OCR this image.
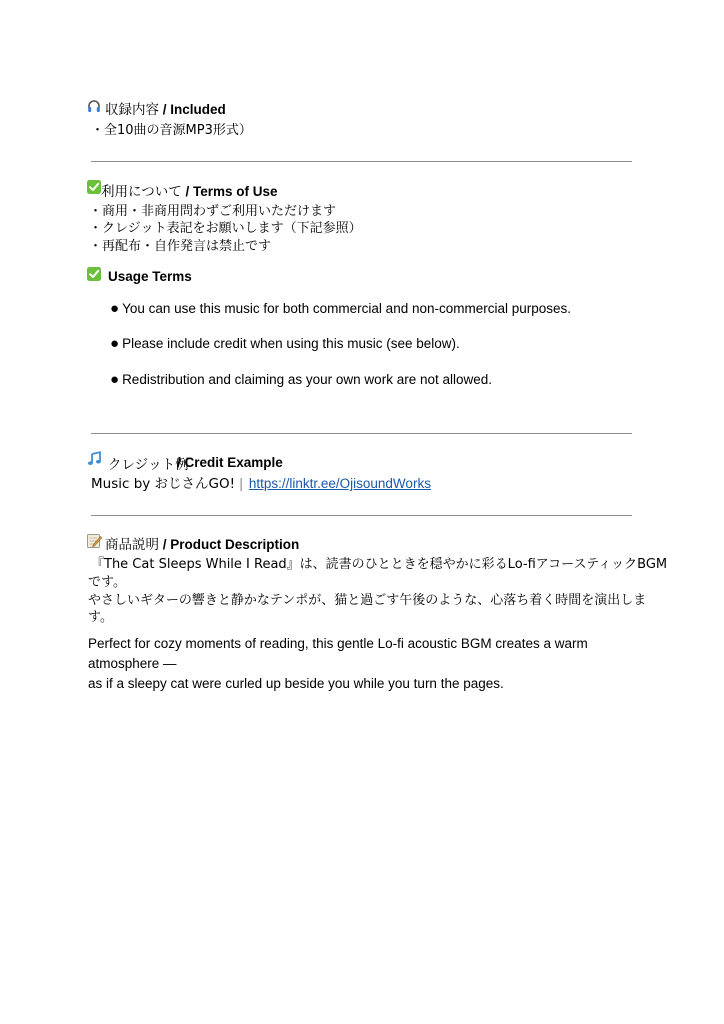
収録内容 / Included
・全10曲の音源MP3形式）
利用について / Terms of Use
・商用・非商用問わずご利用いただけます
・クレジット表記をお願いします（下記参照）
・再配布・自作発言は禁止です
Usage Terms
● You can use this music for both commercial and non-commercial purposes.
● Please include credit when using this music (see below).
● Redistribution and claiming as your own work are not allowed.
クレジット例
/ Credit Example
Music by おじさんGO! | https://linktr.ee/OjisoundWorks
商品説明 / Product Description
『The Cat Sleeps While I Read』は、読書のひとときを穏やかに彩るLo-fiアコースティックBGM
です。
やさしいギターの響きと静かなテンポが、猫と過ごす午後のような、心落ち着く時間を演出しま
す。
Perfect for cozy moments of reading, this gentle Lo-fi acoustic BGM creates a warm
atmosphere —
as if a sleepy cat were curled up beside you while you turn the pages.
